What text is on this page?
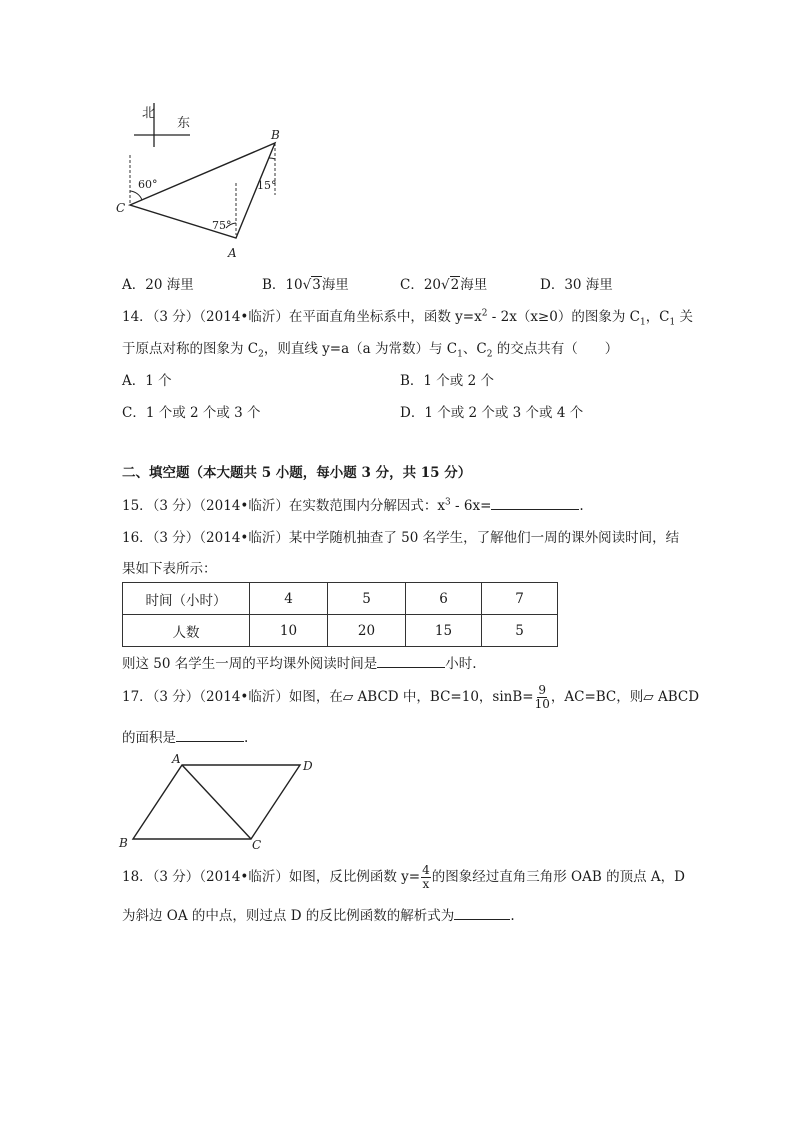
北
东
60°
75°
15°
C
B
A
A．20 海里	B．10√3海里	C．20√2海里	D．30 海里
14．（3 分）（2014•临沂）在平面直角坐标系中，函数 $y=x^2 - 2x(x\ge 0)$的图象为 $C_1$，$C_1$ 关
于原点对称的图象为 $C_2$，则直线 y=a（a 为常数）与 $C_1$、$C_2$ 的交点共有（　　）
A．1 个	B．1 个或 2 个
C．1 个或 2 个或 3 个	D．1 个或 2 个或 3 个或 4 个
二、填空题（本大题共 5 小题，每小题 3 分，共 15 分）
15．（3 分）（2014•临沂）在实数范围内分解因式：$x^3 - 6x=$	.
16．（3 分）（2014•临沂）某中学随机抽查了 50 名学生，了解他们一周的课外阅读时间，结
果如下表所示：
时间（小时）	4	5	6	7
人数	10	20	15	5
则这 50 名学生一周的平均课外阅读时间是	小时.
17．（3 分）（2014•临沂）如图，在▱ ABCD 中，BC=10，$\sin B= \frac{9}{10}$ ，AC=BC，则▱ ABCD
的面积是	.
A	D
B	C
18．（3 分）（2014•临沂）如图，反比例函数 $y= \frac{4}{x}$ 的图象经过直角三角形 OAB 的顶点 A，D
为斜边 OA 的中点，则过点 D 的反比例函数的解析式为	.
